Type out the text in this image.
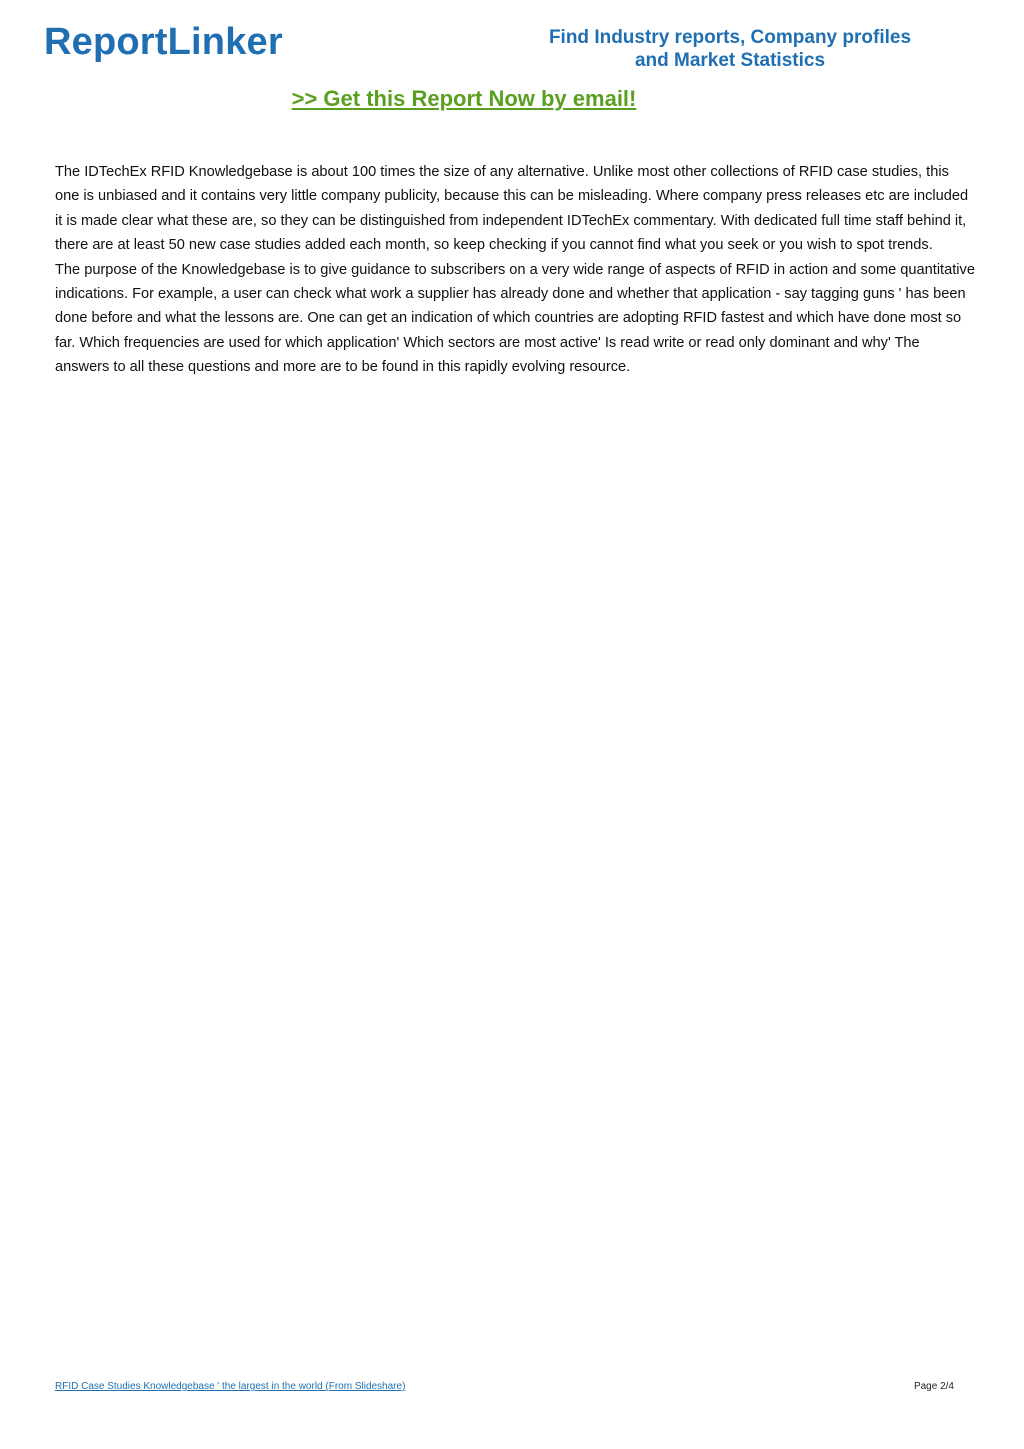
ReportLinker	Find Industry reports, Company profiles
and Market Statistics
>> Get this Report Now by email!

The IDTechEx RFID Knowledgebase is about 100 times the size of any alternative. Unlike most other collections of RFID case studies, this one is unbiased and it contains very little company publicity, because this can be misleading. Where company press releases etc are included it is made clear what these are, so they can be distinguished from independent IDTechEx commentary. With dedicated full time staff behind it, there are at least 50 new case studies added each month, so keep checking if you cannot find what you seek or you wish to spot trends.

The purpose of the Knowledgebase is to give guidance to subscribers on a very wide range of aspects of RFID in action and some quantitative indications. For example, a user can check what work a supplier has already done and whether that application - say tagging guns ' has been done before and what the lessons are. One can get an indication of which countries are adopting RFID fastest and which have done most so far. Which frequencies are used for which application' Which sectors are most active' Is read write or read only dominant and why' The answers to all these questions and more are to be found in this rapidly evolving resource.

RFID Case Studies Knowledgebase ' the largest in the world (From Slideshare)	Page 2/4
